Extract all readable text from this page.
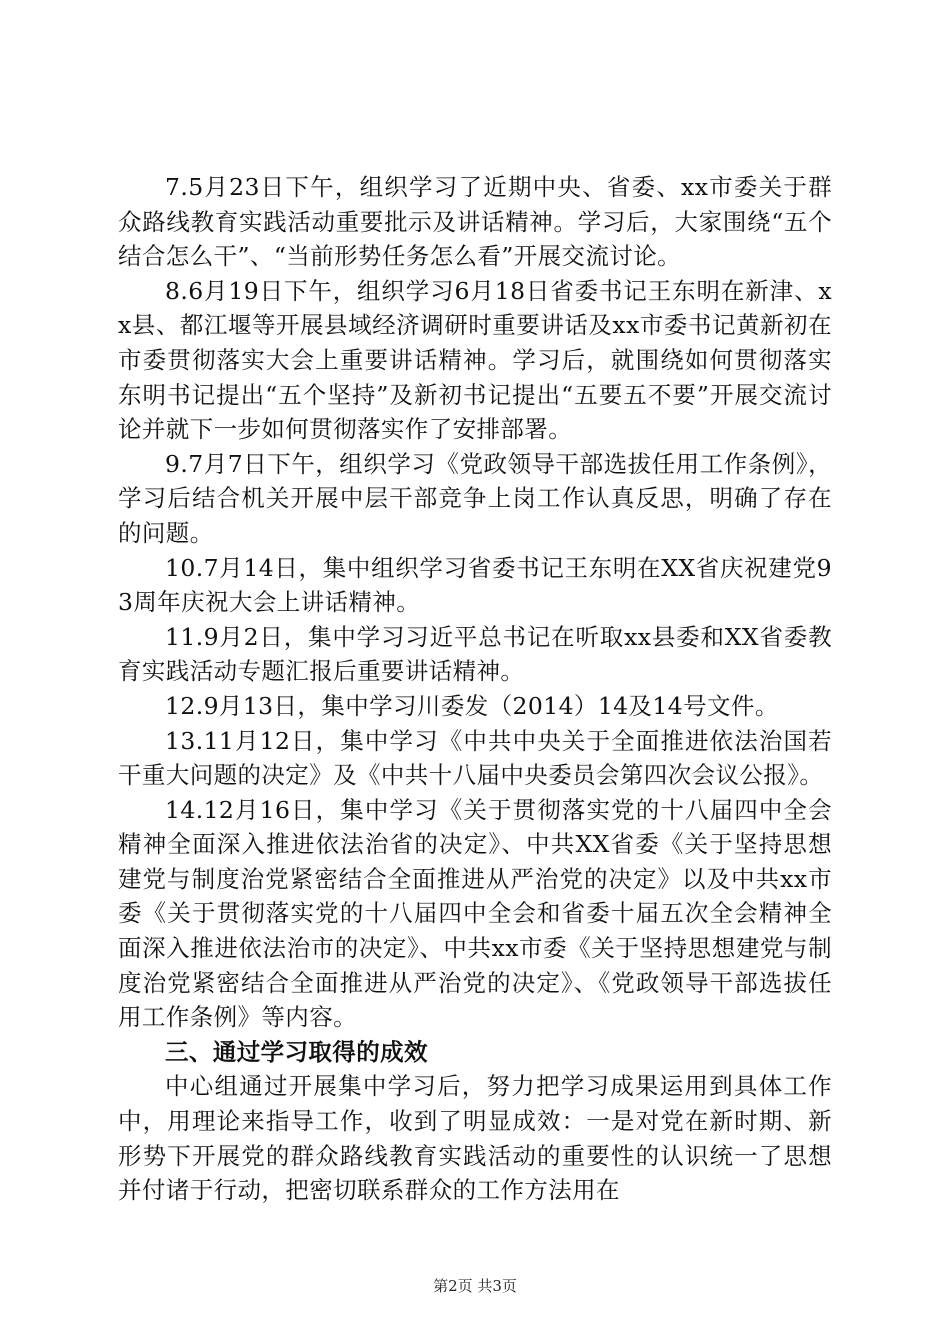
7.5月23日下午，组织学习了近期中央、省委、xx市委关于群众路线教育实践活动重要批示及讲话精神。学习后，大家围绕“五个结合怎么干”、“当前形势任务怎么看”开展交流讨论。

8.6月19日下午，组织学习6月18日省委书记王东明在新津、xx县、都江堰等开展县域经济调研时重要讲话及xx市委书记黄新初在市委贯彻落实大会上重要讲话精神。学习后，就围绕如何贯彻落实东明书记提出“五个坚持”及新初书记提出“五要五不要”开展交流讨论并就下一步如何贯彻落实作了安排部署。

9.7月7日下午，组织学习《党政领导干部选拔任用工作条例》，学习后结合机关开展中层干部竞争上岗工作认真反思，明确了存在的问题。

10.7月14日，集中组织学习省委书记王东明在XX省庆祝建党93周年庆祝大会上讲话精神。

11.9月2日，集中学习习近平总书记在听取xx县委和XX省委教育实践活动专题汇报后重要讲话精神。

12.9月13日，集中学习川委发（2014）14及14号文件。

13.11月12日，集中学习《中共中央关于全面推进依法治国若干重大问题的决定》及《中共十八届中央委员会第四次会议公报》。

14.12月16日，集中学习《关于贯彻落实党的十八届四中全会精神全面深入推进依法治省的决定》、中共XX省委《关于坚持思想建党与制度治党紧密结合全面推进从严治党的决定》以及中共xx市委《关于贯彻落实党的十八届四中全会和省委十届五次全会精神全面深入推进依法治市的决定》、中共xx市委《关于坚持思想建党与制度治党紧密结合全面推进从严治党的决定》、《党政领导干部选拔任用工作条例》等内容。

三、通过学习取得的成效

中心组通过开展集中学习后，努力把学习成果运用到具体工作中，用理论来指导工作，收到了明显成效：一是对党在新时期、新形势下开展党的群众路线教育实践活动的重要性的认识统一了思想并付诸于行动，把密切联系群众的工作方法用在

第2页 共3页
